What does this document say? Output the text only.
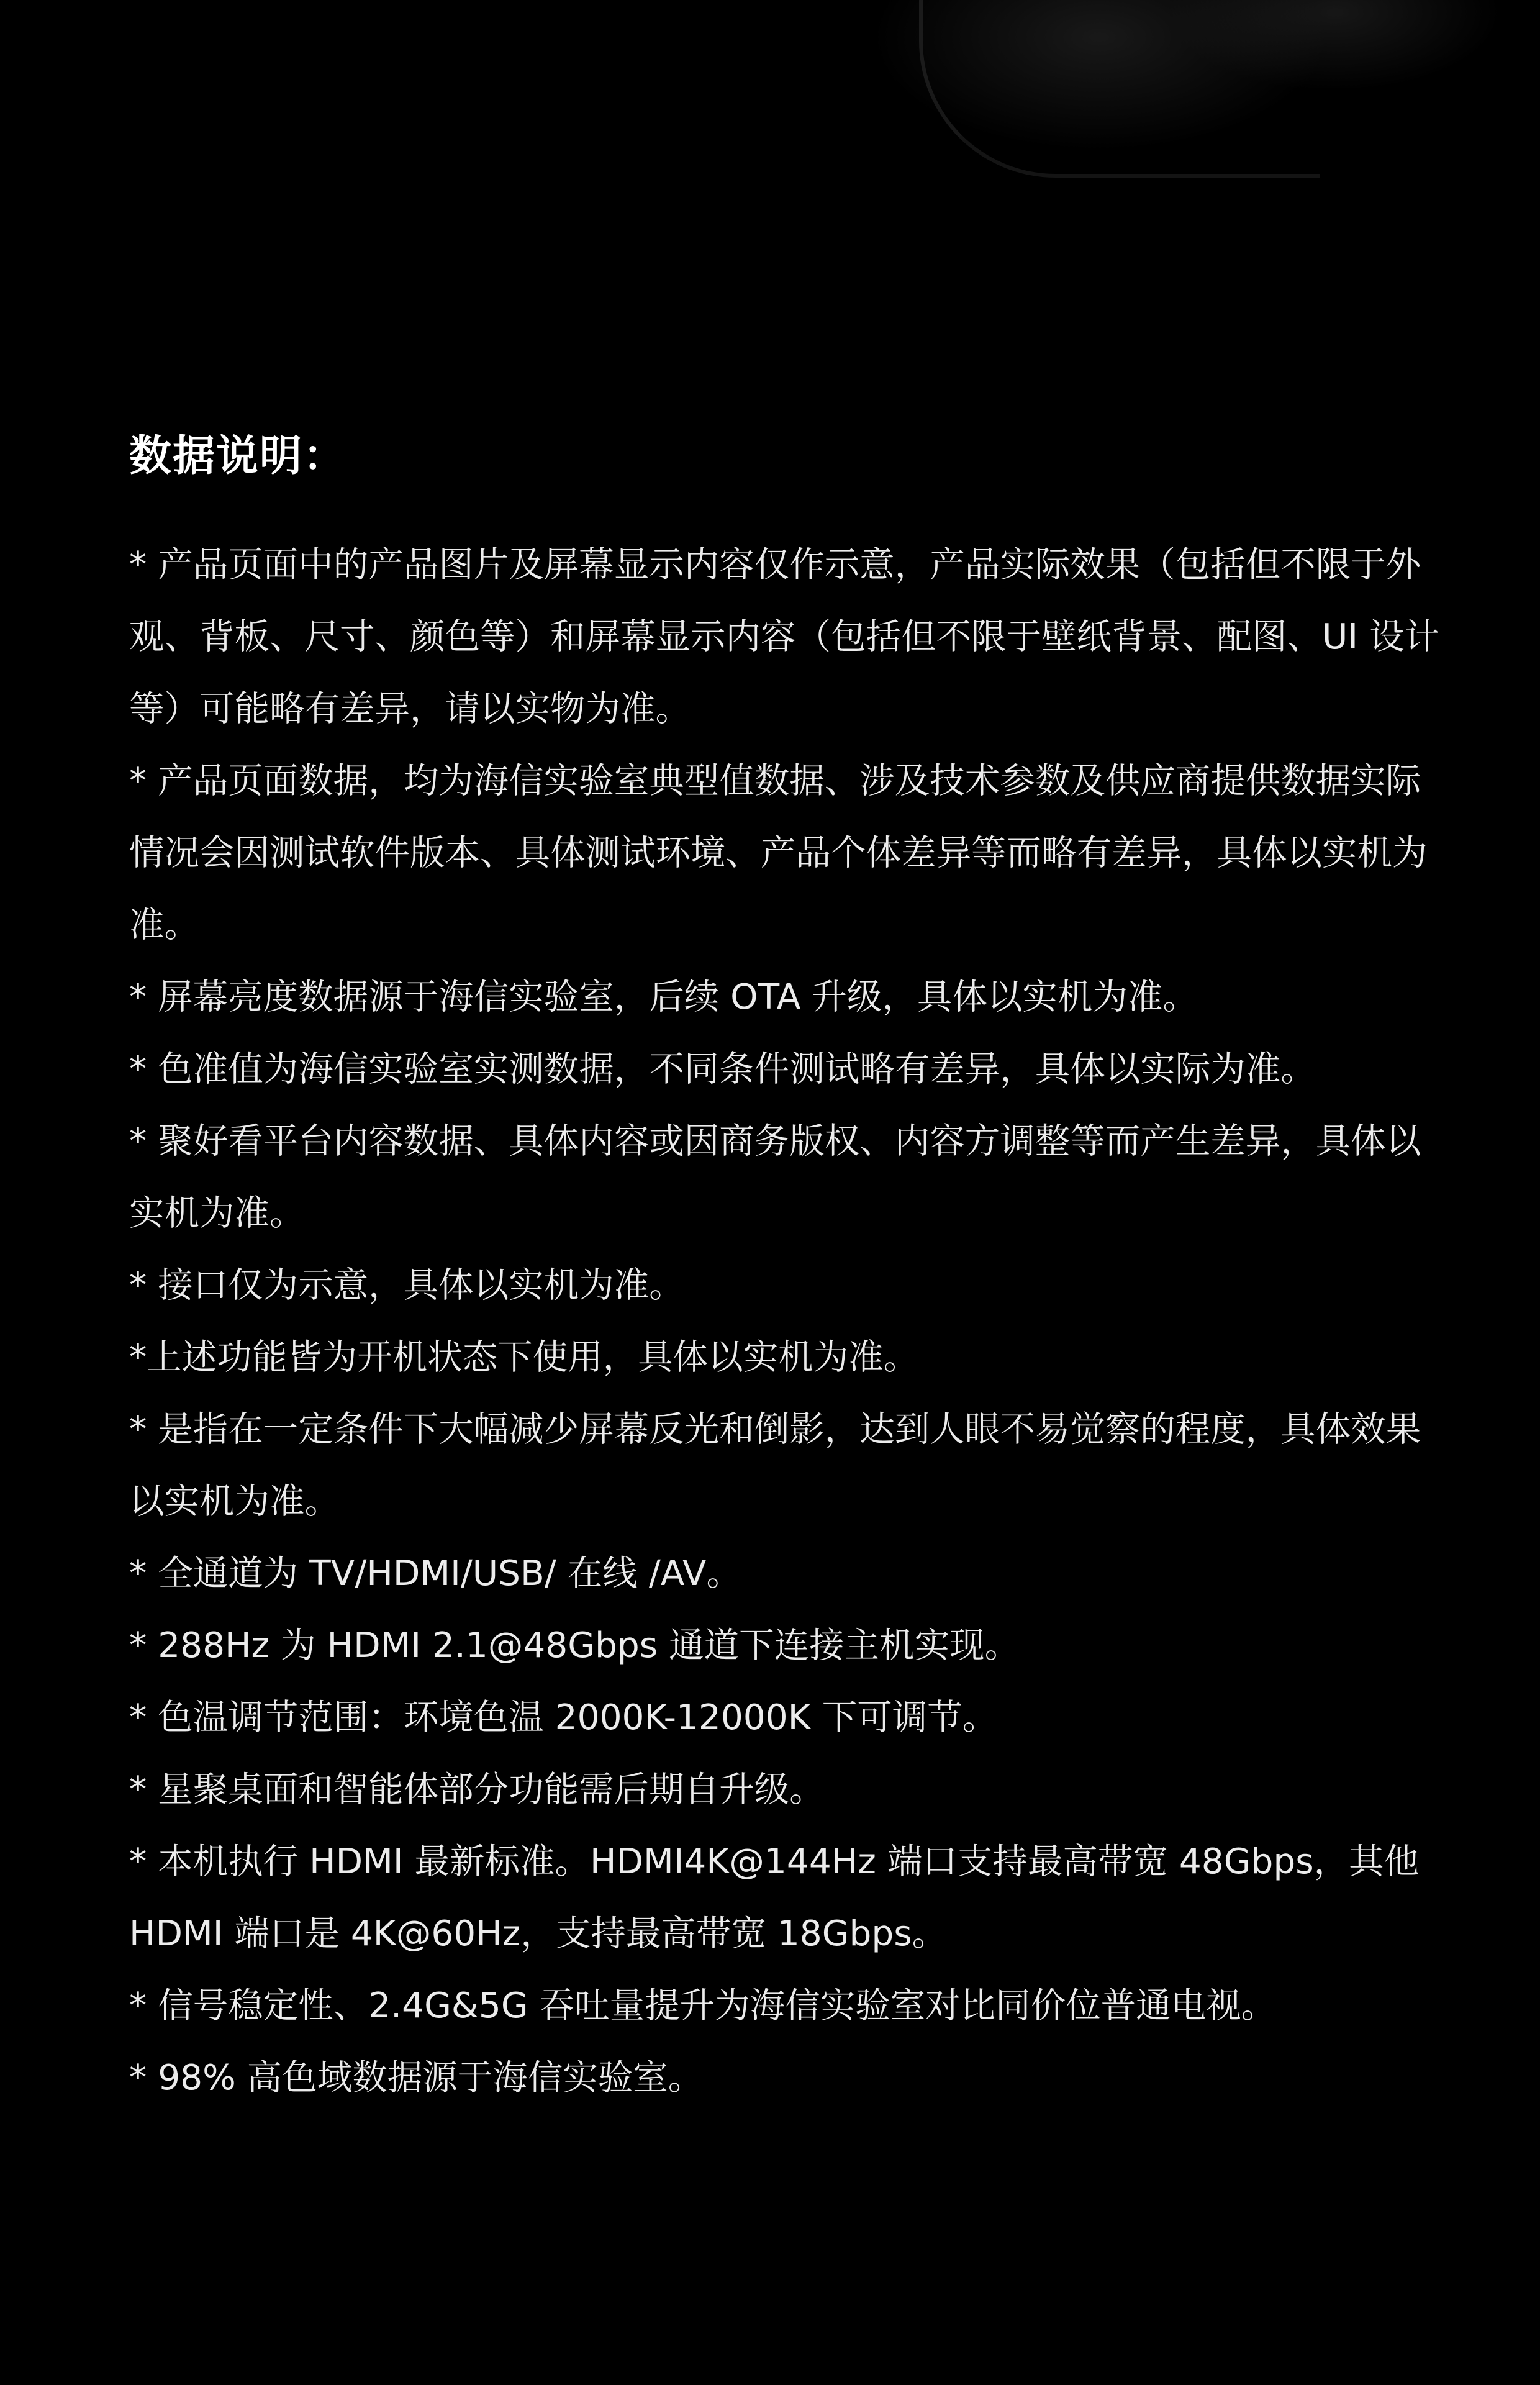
数据说明：
* 产品页面中的产品图片及屏幕显示内容仅作示意，产品实际效果（包括但不限于外观、背板、尺寸、颜色等）和屏幕显示内容（包括但不限于壁纸背景、配图、UI 设计等）可能略有差异，请以实物为准。
* 产品页面数据，均为海信实验室典型值数据、涉及技术参数及供应商提供数据实际情况会因测试软件版本、具体测试环境、产品个体差异等而略有差异，具体以实机为准。
* 屏幕亮度数据源于海信实验室，后续 OTA 升级，具体以实机为准。
* 色准值为海信实验室实测数据，不同条件测试略有差异，具体以实际为准。
* 聚好看平台内容数据、具体内容或因商务版权、内容方调整等而产生差异，具体以实机为准。
* 接口仅为示意，具体以实机为准。
*上述功能皆为开机状态下使用，具体以实机为准。
* 是指在一定条件下大幅减少屏幕反光和倒影，达到人眼不易觉察的程度，具体效果以实机为准。
* 全通道为 TV/HDMI/USB/ 在线 /AV。
* 288Hz 为 HDMI 2.1@48Gbps 通道下连接主机实现。
* 色温调节范围：环境色温 2000K-12000K 下可调节。
* 星聚桌面和智能体部分功能需后期自升级。
* 本机执行 HDMI 最新标准。HDMI4K@144Hz 端口支持最高带宽 48Gbps，其他 HDMI 端口是 4K@60Hz，支持最高带宽 18Gbps。
* 信号稳定性、2.4G&5G 吞吐量提升为海信实验室对比同价位普通电视。
* 98% 高色域数据源于海信实验室。
